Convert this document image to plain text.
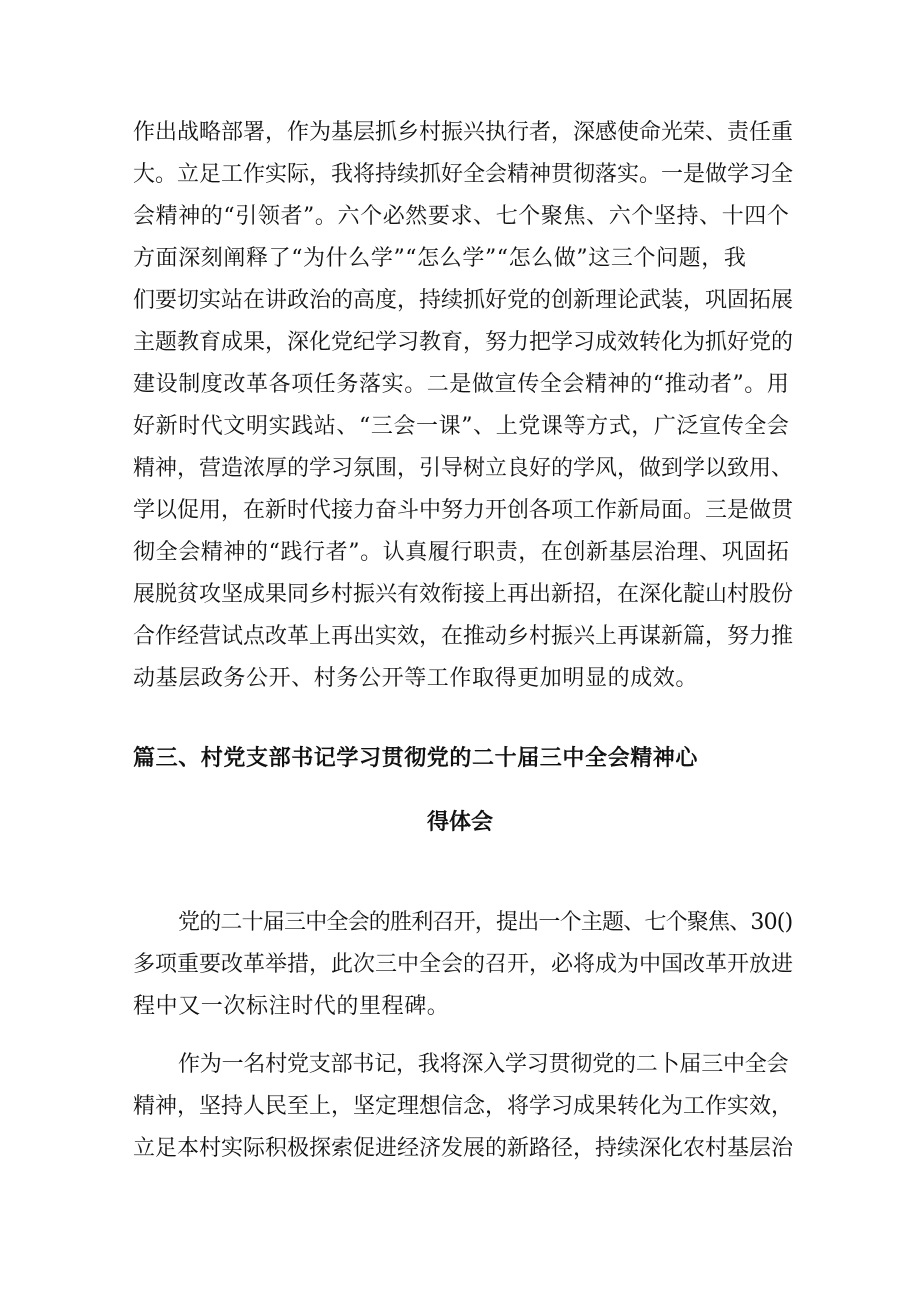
作出战略部署，作为基层抓乡村振兴执行者，深感使命光荣、责任重
大。立足工作实际，我将持续抓好全会精神贯彻落实。一是做学习全
会精神的“引领者”。六个必然要求、七个聚焦、六个坚持、十四个
方面深刻阐释了“为什么学”“怎么学”“怎么做”这三个问题，我
们要切实站在讲政治的高度，持续抓好党的创新理论武装，巩固拓展
主题教育成果，深化党纪学习教育，努力把学习成效转化为抓好党的
建设制度改革各项任务落实。二是做宣传全会精神的“推动者”。用
好新时代文明实践站、“三会一课”、上党课等方式，广泛宣传全会
精神，营造浓厚的学习氛围，引导树立良好的学风，做到学以致用、
学以促用，在新时代接力奋斗中努力开创各项工作新局面。三是做贯
彻全会精神的“践行者”。认真履行职责，在创新基层治理、巩固拓
展脱贫攻坚成果同乡村振兴有效衔接上再出新招，在深化靛山村股份
合作经营试点改革上再出实效，在推动乡村振兴上再谋新篇，努力推
动基层政务公开、村务公开等工作取得更加明显的成效。
篇三、村党支部书记学习贯彻党的二十届三中全会精神心
得体会
党的二十届三中全会的胜利召开，提出一个主题、七个聚焦、30()
多项重要改革举措，此次三中全会的召开，必将成为中国改革开放进
程中又一次标注时代的里程碑。
作为一名村党支部书记，我将深入学习贯彻党的二卜届三中全会
精神，坚持人民至上，坚定理想信念，将学习成果转化为工作实效，
立足本村实际积极探索促进经济发展的新路径，持续深化农村基层治
